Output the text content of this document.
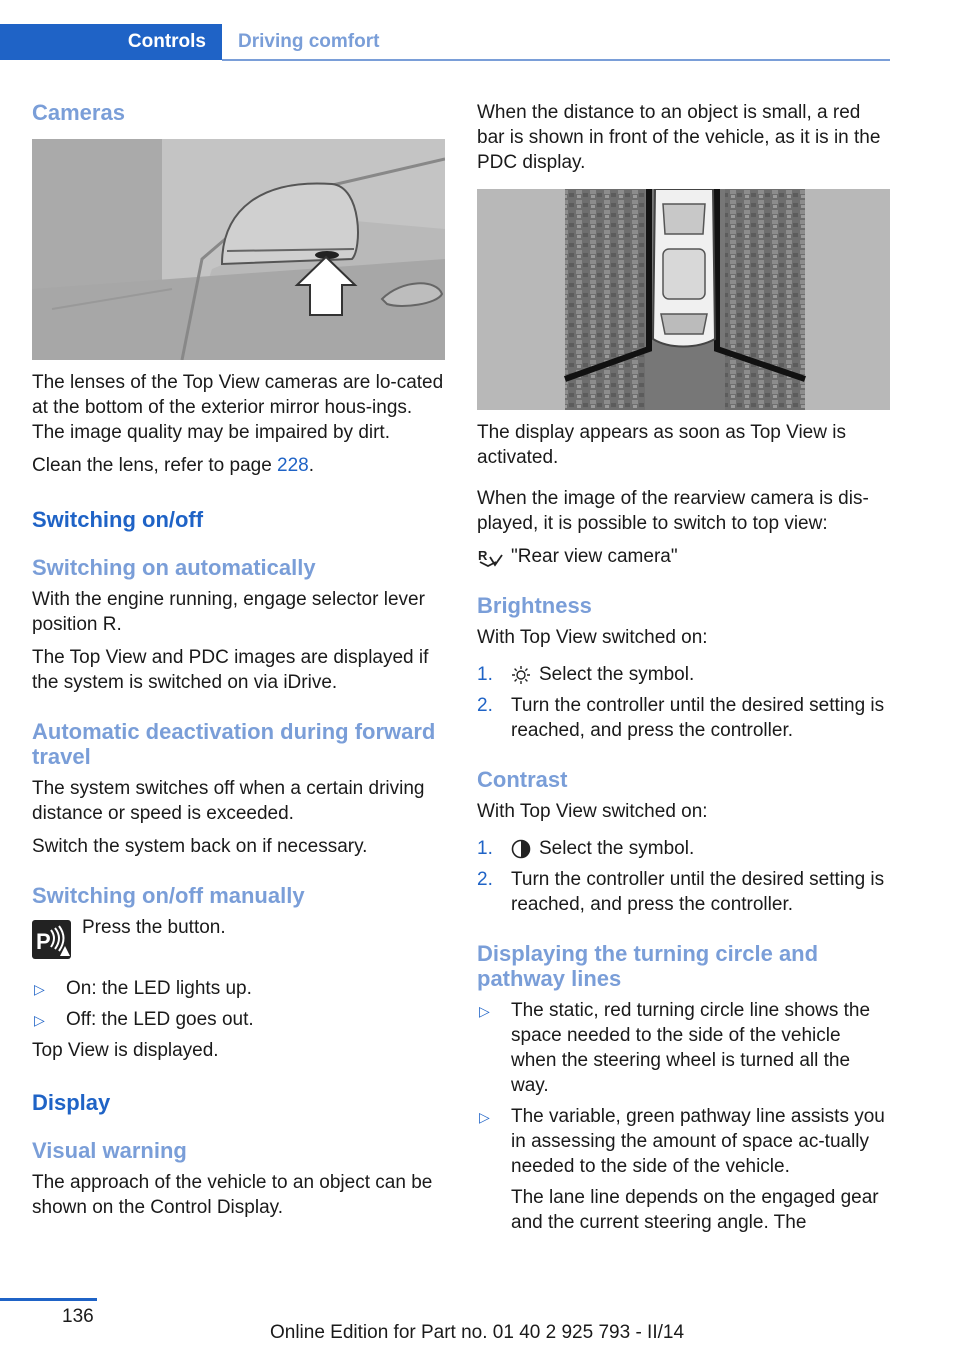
Controls	Driving comfort
Cameras

The lenses of the Top View cameras are lo-cated at the bottom of the exterior mirror hous-ings. The image quality may be impaired by dirt.

Clean the lens, refer to page 228.

Switching on/off
Switching on automatically

With the engine running, engage selector lever position R.

The Top View and PDC images are displayed if the system is switched on via iDrive.

Automatic deactivation during forward travel

The system switches off when a certain driving distance or speed is exceeded.

Switch the system back on if necessary.

Switching on/off manually
P
Press the button.
▷ On: the LED lights up.
▷ Off: the LED goes out.

Top View is displayed.

Display
Visual warning

The approach of the vehicle to an object can be shown on the Control Display.

When the distance to an object is small, a red bar is shown in front of the vehicle, as it is in the PDC display.

The display appears as soon as Top View is activated.

When the image of the rearview camera is dis-played, it is possible to switch to top view:

R "Rear view camera"

Brightness

With Top View switched on:

1. Select the symbol.
2. Turn the controller until the desired setting is reached, and press the controller.
Contrast

With Top View switched on:

1. Select the symbol.
2. Turn the controller until the desired setting is reached, and press the controller.
Displaying the turning circle and pathway lines
▷ The static, red turning circle line shows the space needed to the side of the vehicle when the steering wheel is turned all the way.
▷ The variable, green pathway line assists you in assessing the amount of space ac-tually needed to the side of the vehicle.

The lane line depends on the engaged gear and the current steering angle. The

136
Online Edition for Part no. 01 40 2 925 793 - II/14
